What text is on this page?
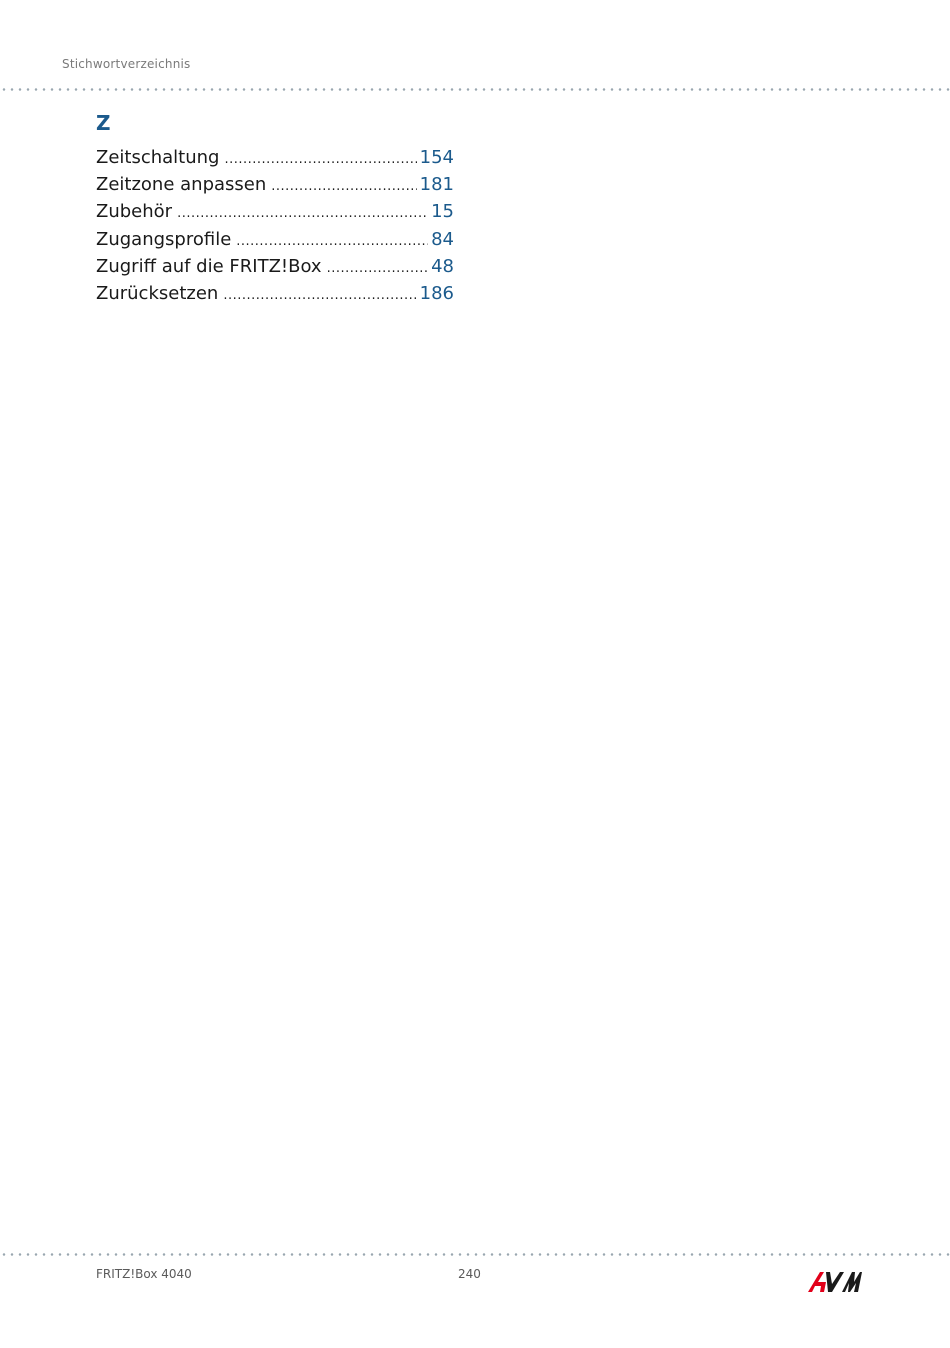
Stichwortverzeichnis
Z
Zeitschaltung .....	154
Zeitzone anpassen .....	181
Zubehör .....	15
Zugangsprofile .....	84
Zugriff auf die FRITZ!Box .....	48
Zurücksetzen .....	186
FRITZ!Box 4040	240
